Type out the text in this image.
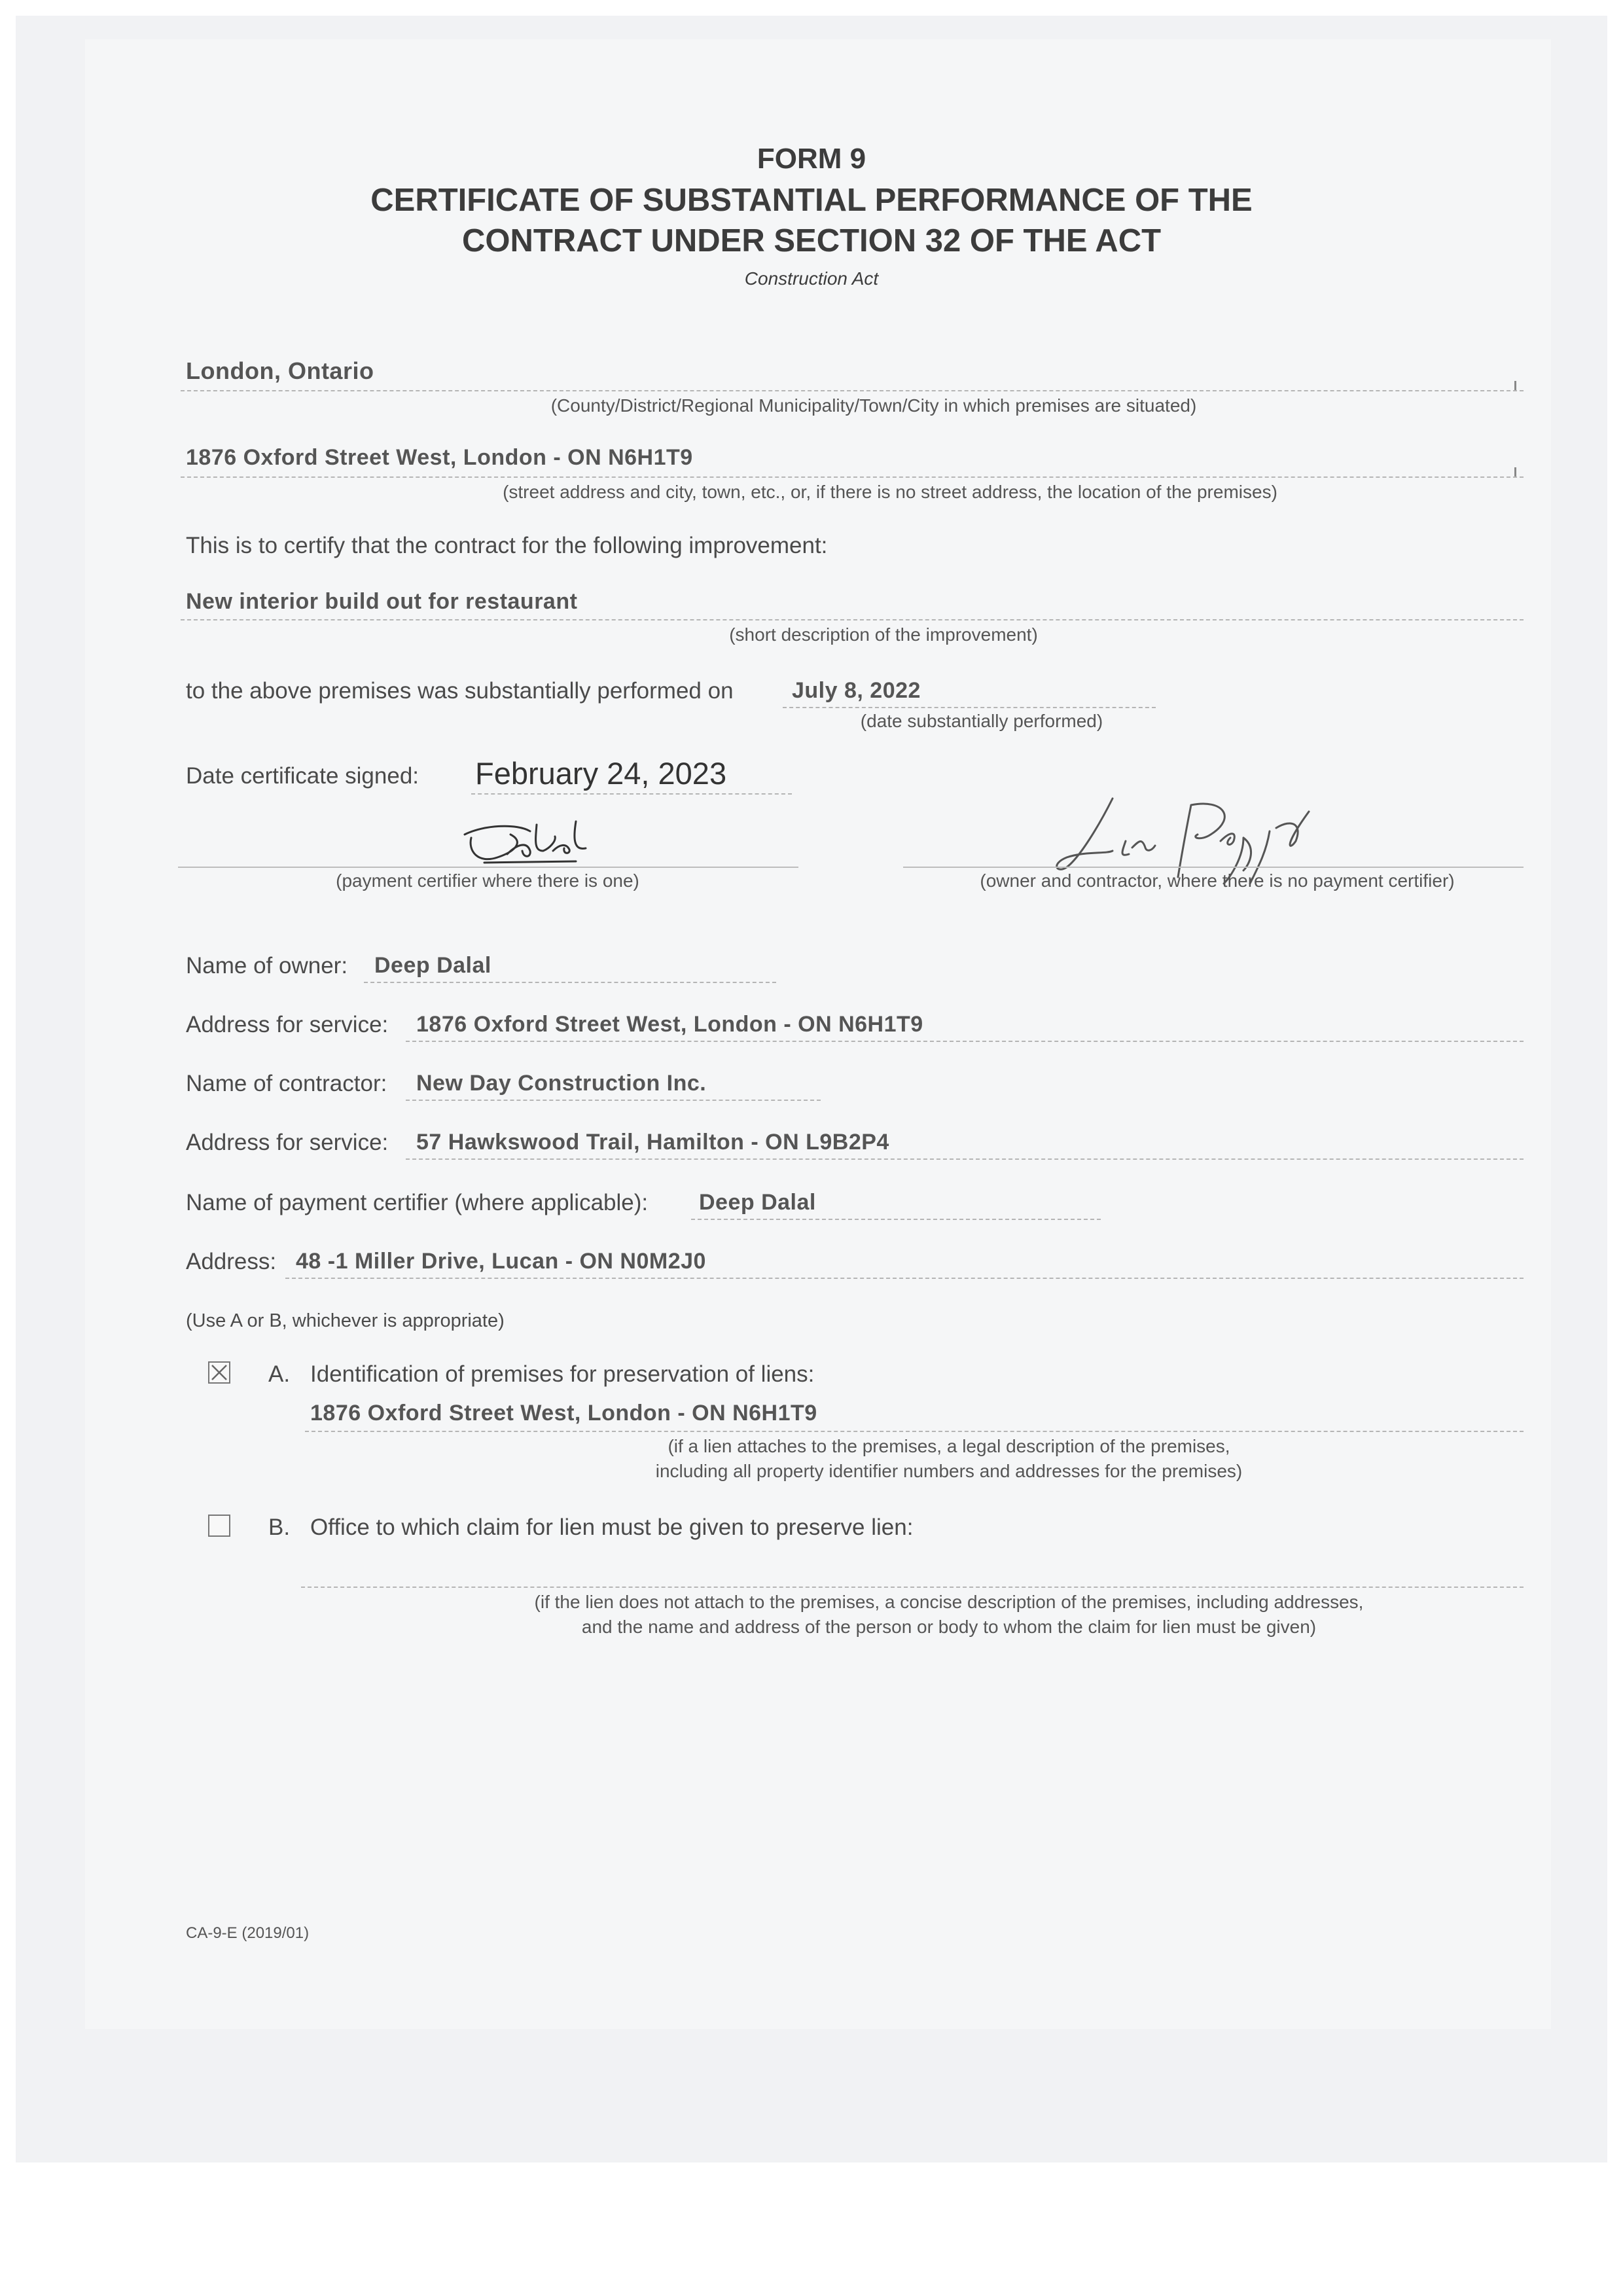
FORM 9
CERTIFICATE OF SUBSTANTIAL PERFORMANCE OF THE
CONTRACT UNDER SECTION 32 OF THE ACT
Construction Act
London, Ontario
(County/District/Regional Municipality/Town/City in which premises are situated)
1876 Oxford Street West, London - ON N6H1T9
(street address and city, town, etc., or, if there is no street address, the location of the premises)
This is to certify that the contract for the following improvement:
New interior build out for restaurant
(short description of the improvement)
to the above premises was substantially performed on	July 8, 2022
(date substantially performed)
Date certificate signed: February 24, 2023
(payment certifier where there is one)	(owner and contractor, where there is no payment certifier)
Name of owner: Deep Dalal
Address for service: 1876 Oxford Street West, London - ON N6H1T9
Name of contractor: New Day Construction Inc.
Address for service: 57 Hawkswood Trail, Hamilton - ON L9B2P4
Name of payment certifier (where applicable): Deep Dalal
Address: 48 -1 Miller Drive, Lucan - ON N0M2J0
(Use A or B, whichever is appropriate)
A. Identification of premises for preservation of liens:
1876 Oxford Street West, London - ON N6H1T9
(if a lien attaches to the premises, a legal description of the premises,
including all property identifier numbers and addresses for the premises)
B. Office to which claim for lien must be given to preserve lien:
(if the lien does not attach to the premises, a concise description of the premises, including addresses,
and the name and address of the person or body to whom the claim for lien must be given)
CA-9-E (2019/01)
